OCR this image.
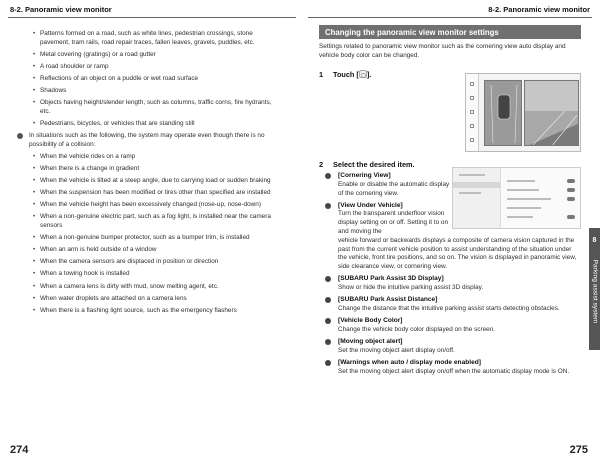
8-2. Panoramic view monitor
• Patterns formed on a road, such as white lines, pedestrian crossings, stone pavement, tram rails, road repair traces, fallen leaves, gravels, puddles, etc.
• Metal covering (gratings) or a road gutter
• A road shoulder or ramp
• Reflections of an object on a puddle or wet road surface
• Shadows
• Objects having height/slender length, such as columns, traffic corns, fire hydrants, etc.
• Pedestrians, bicycles, or vehicles that are standing still
In situations such as the following, the system may operate even though there is no possibility of a collision:
• When the vehicle rides on a ramp
• When there is a change in gradient
• When the vehicle is tilted at a steep angle, due to carrying load or sudden braking
• When the suspension has been modified or tires other than specified are installed
• When the vehicle height has been excessively changed (nose-up, nose-down)
• When a non-genuine electric part, such as a fog light, is installed near the camera sensors
• When a non-genuine bumper protector, such as a bumper trim, is installed
• When an arm is held outside of a window
• When the camera sensors are displaced in position or direction
• When a towing hook is installed
• When a camera lens is dirty with mud, snow melting agent, etc.
• When water droplets are attached on a camera lens
• When there is a flashing light source, such as the emergency flashers
274
8-2. Panoramic view monitor
Changing the panoramic view monitor settings
Settings related to panoramic view monitor such as the cornering view auto display and vehicle body color can be changed.
1 Touch [ ].
2 Select the desired item.
[Cornering View]
Enable or disable the automatic display of the cornering view.
[View Under Vehicle]
Turn the transparent underfloor vision display setting on or off. Setting it to on and moving the
vehicle forward or backwards displays a composite of camera vision captured in the past from the current vehicle position to assist understanding of the situation under the vehicle, front tire positions, and so on. The vision is displayed in panoramic view, side clearance view, or cornering view.
[SUBARU Park Assist 3D Display]
Show or hide the intuitive parking assist 3D display.
[SUBARU Park Assist Distance]
Change the distance that the intuitive parking assist starts detecting obstacles.
[Vehicle Body Color]
Change the vehicle body color displayed on the screen.
[Moving object alert]
Set the moving object alert display on/off.
[Warnings when auto / display mode enabled]
Set the moving object alert display on/off when the automatic display mode is ON.
8
Parking assist system
275
